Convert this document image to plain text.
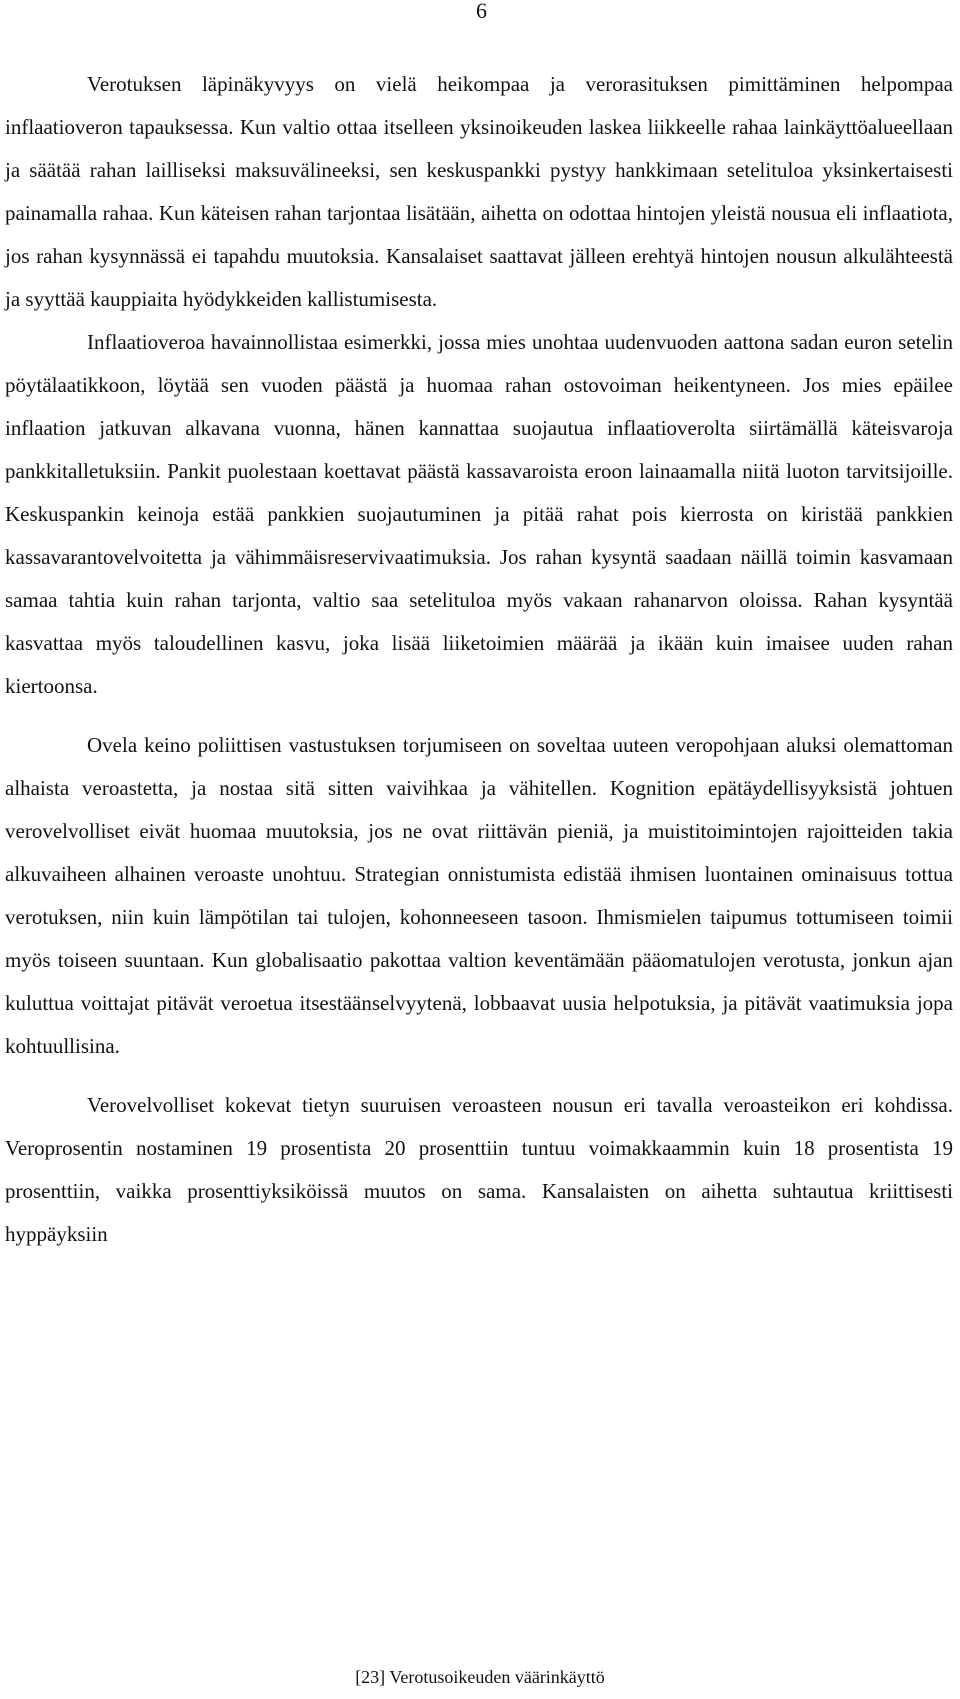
6

Verotuksen läpinäkyvyys on vielä heikompaa ja verorasituksen pimittäminen helpompaa inflaatioveron tapauksessa. Kun valtio ottaa itselleen yksinoikeuden laskea liikkeelle rahaa lainkäyttöalueellaan ja säätää rahan lailliseksi maksuvälineeksi, sen keskuspankki pystyy hankkimaan setelituloa yksinkertaisesti painamalla rahaa. Kun käteisen rahan tarjontaa lisätään, aihetta on odottaa hintojen yleistä nousua eli inflaatiota, jos rahan kysynnässä ei tapahdu muutoksia. Kansalaiset saattavat jälleen erehtyä hintojen nousun alkulähteestä ja syyttää kauppiaita hyödykkeiden kallistumisesta.

Inflaatioveroa havainnollistaa esimerkki, jossa mies unohtaa uudenvuoden aattona sadan euron setelin pöytälaatikkoon, löytää sen vuoden päästä ja huomaa rahan ostovoiman heikentyneen. Jos mies epäilee inflaation jatkuvan alkavana vuonna, hänen kannattaa suojautua inflaatioverolta siirtämällä käteisvaroja pankkitalletuksiin. Pankit puolestaan koettavat päästä kassavaroista eroon lainaamalla niitä luoton tarvitsijoille. Keskuspankin keinoja estää pankkien suojautuminen ja pitää rahat pois kierrosta on kiristää pankkien kassavarantovelvoitetta ja vähimmäisreservivaatimuksia. Jos rahan kysyntä saadaan näillä toimin kasvamaan samaa tahtia kuin rahan tarjonta, valtio saa setelituloa myös vakaan rahanarvon oloissa. Rahan kysyntää kasvattaa myös taloudellinen kasvu, joka lisää liiketoimien määrää ja ikään kuin imaisee uuden rahan kiertoonsa.

Ovela keino poliittisen vastustuksen torjumiseen on soveltaa uuteen veropohjaan aluksi olemattoman alhaista veroastetta, ja nostaa sitä sitten vaivihkaa ja vähitellen. Kognition epätäydellisyyksistä johtuen verovelvolliset eivät huomaa muutoksia, jos ne ovat riittävän pieniä, ja muistitoimintojen rajoitteiden takia alkuvaiheen alhainen veroaste unohtuu. Strategian onnistumista edistää ihmisen luontainen ominaisuus tottua verotuksen, niin kuin lämpötilan tai tulojen, kohonneeseen tasoon. Ihmismielen taipumus tottumiseen toimii myös toiseen suuntaan. Kun globalisaatio pakottaa valtion keventämään pääomatulojen verotusta, jonkun ajan kuluttua voittajat pitävät veroetua itsestäänselvyytenä, lobbaavat uusia helpotuksia, ja pitävät vaatimuksia jopa kohtuullisina.

Verovelvolliset kokevat tietyn suuruisen veroasteen nousun eri tavalla veroasteikon eri kohdissa. Veroprosentin nostaminen 19 prosentista 20 prosenttiin tuntuu voimakkaammin kuin 18 prosentista 19 prosenttiin, vaikka prosenttiyksiköissä muutos on sama. Kansalaisten on aihetta suhtautua kriittisesti hyppäyksiin

[23] Verotusoikeuden väärinkäyttö
